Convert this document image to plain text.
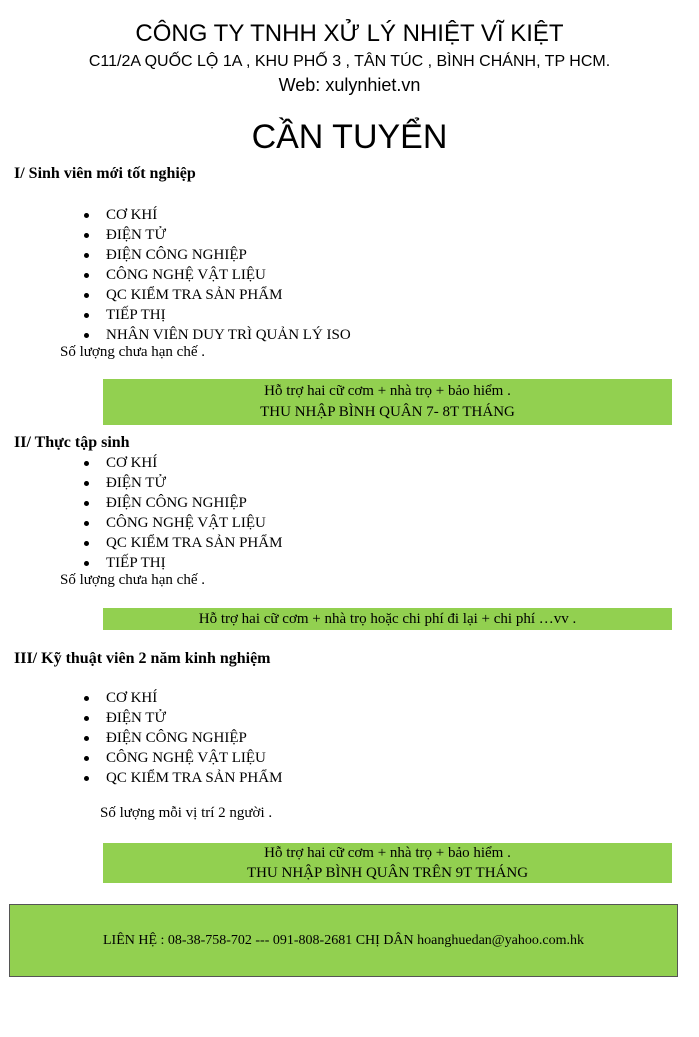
CÔNG TY TNHH XỬ LÝ NHIỆT VĨ KIỆT
C11/2A QUỐC LỘ 1A , KHU PHỐ 3 , TÂN TÚC , BÌNH CHÁNH, TP HCM.
Web: xulynhiet.vn
CẦN TUYỂN
I/ Sinh viên mới tốt nghiệp
CƠ KHÍ
ĐIỆN TỬ
ĐIỆN CÔNG NGHIỆP
CÔNG NGHỆ VẬT LIỆU
QC KIỂM TRA SẢN PHẨM
TIẾP THỊ
NHÂN VIÊN DUY TRÌ QUẢN LÝ ISO
Số lượng chưa hạn chế .
Hỗ trợ hai cữ cơm + nhà trọ + bảo hiểm .
THU NHẬP BÌNH QUÂN 7- 8T THÁNG
II/ Thực tập sinh
CƠ KHÍ
ĐIỆN TỬ
ĐIỆN CÔNG NGHIỆP
CÔNG NGHỆ VẬT LIỆU
QC KIỂM TRA SẢN PHẨM
TIẾP THỊ
Số lượng chưa hạn chế .
Hỗ trợ hai cữ cơm + nhà trọ hoặc chi phí đi lại + chi phí …vv .
III/ Kỹ thuật viên 2 năm kinh nghiệm
CƠ KHÍ
ĐIỆN TỬ
ĐIỆN CÔNG NGHIỆP
CÔNG NGHỆ VẬT LIỆU
QC KIỂM TRA SẢN PHẨM
Số lượng mỗi vị trí 2 người .
Hỗ trợ hai cữ cơm + nhà trọ + bảo hiểm .
THU NHẬP BÌNH QUÂN TRÊN 9T THÁNG
LIÊN HỆ : 08-38-758-702 --- 091-808-2681 CHỊ DÂN hoanghuedan@yahoo.com.hk
